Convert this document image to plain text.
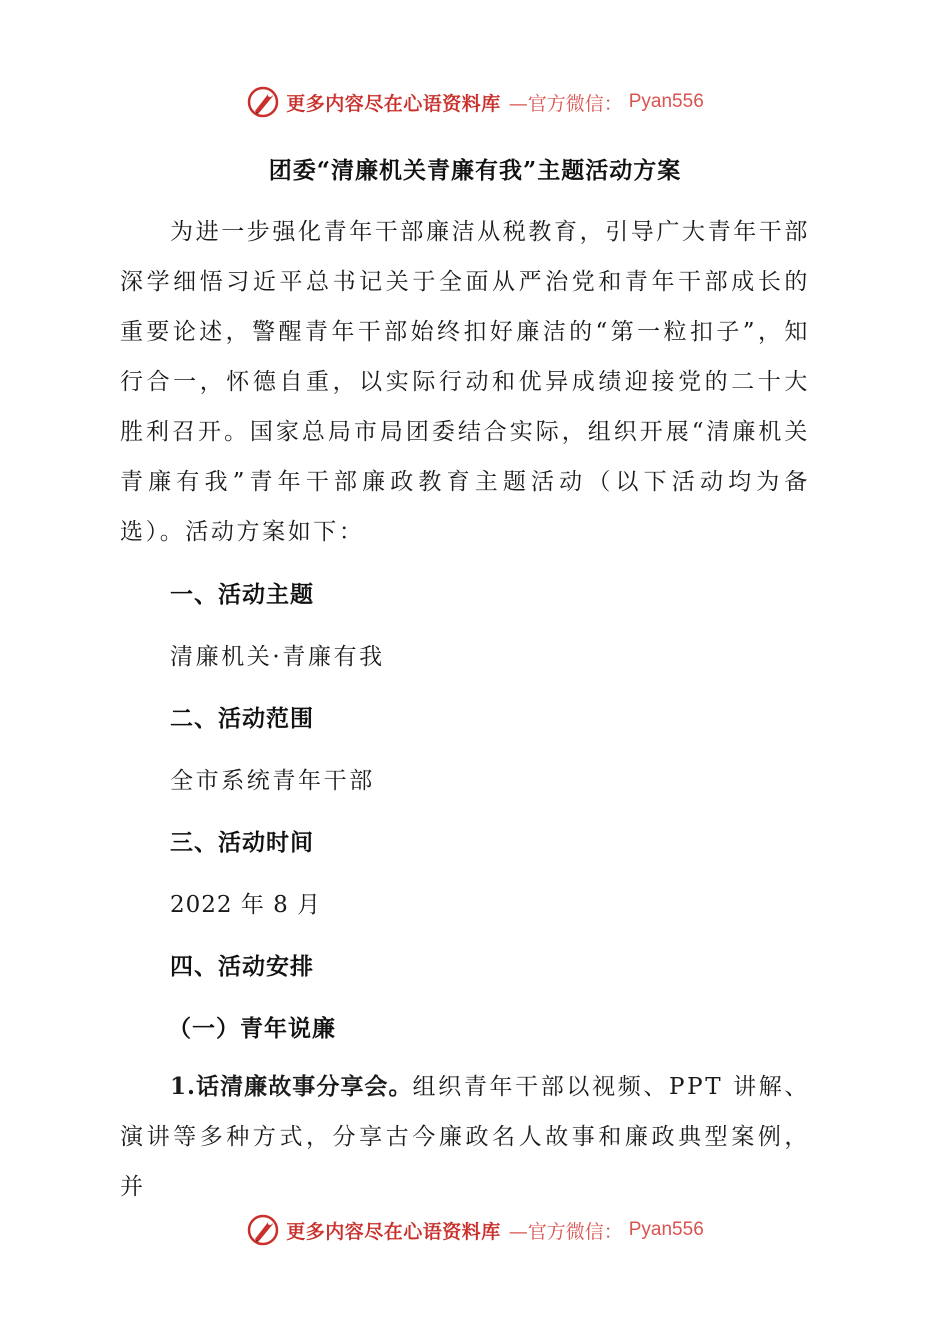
更多内容尽在心语资料库 —官方微信： Pyan556
团委“清廉机关青廉有我”主题活动方案

为进一步强化青年干部廉洁从税教育，引导广大青年干部深学细悟习近平总书记关于全面从严治党和青年干部成长的重要论述，警醒青年干部始终扣好廉洁的“第一粒扣子”，知行合一，怀德自重，以实际行动和优异成绩迎接党的二十大胜利召开。国家总局市局团委结合实际，组织开展“清廉机关青廉有我”青年干部廉政教育主题活动（以下活动均为备选）。活动方案如下：

一、活动主题
清廉机关·青廉有我
二、活动范围
全市系统青年干部
三、活动时间
2022 年 8 月
四、活动安排
（一）青年说廉

1.话清廉故事分享会。组织青年干部以视频、PPT 讲解、演讲等多种方式，分享古今廉政名人故事和廉政典型案例，并

更多内容尽在心语资料库 —官方微信： Pyan556
